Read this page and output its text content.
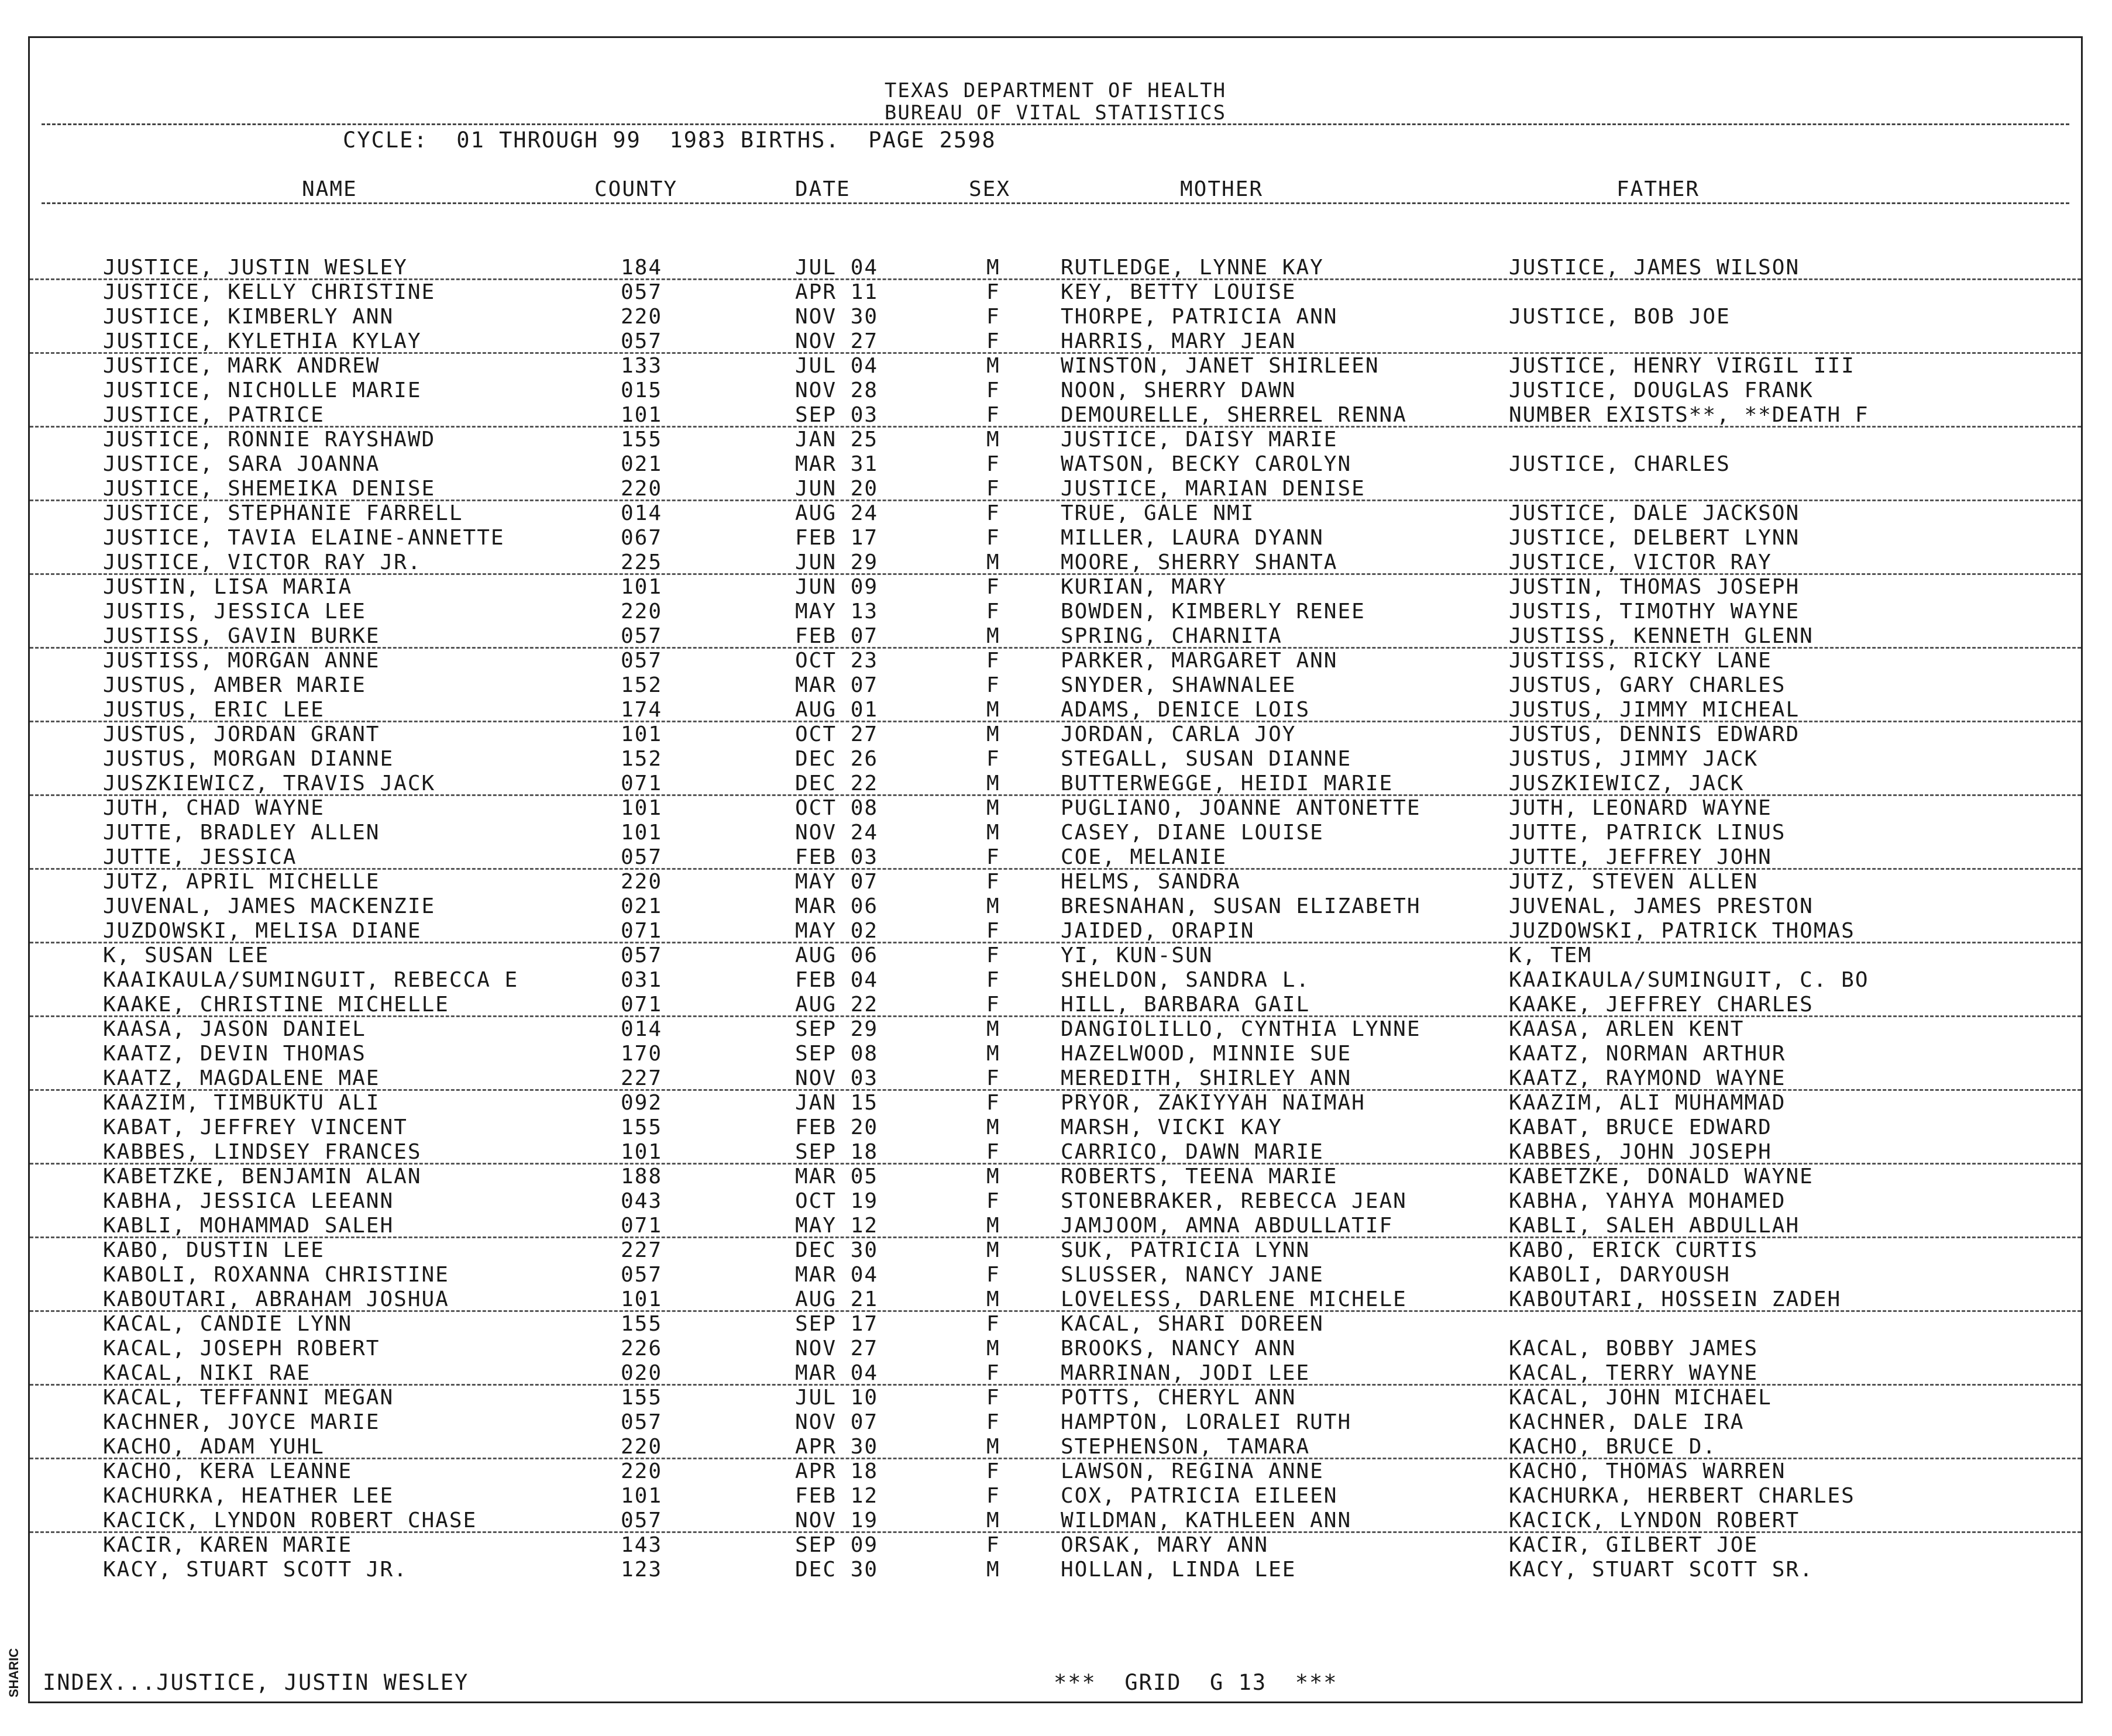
TEXAS DEPARTMENT OF HEALTH
BUREAU OF VITAL STATISTICS
CYCLE:  01 THROUGH 99  1983 BIRTHS.  PAGE 2598
NAME	COUNTY	DATE	SEX	MOTHER	FATHER
JUSTICE, JUSTIN WESLEY	184	JUL 04	M	RUTLEDGE, LYNNE KAY	JUSTICE, JAMES WILSON
JUSTICE, KELLY CHRISTINE	057	APR 11	F	KEY, BETTY LOUISE
JUSTICE, KIMBERLY ANN	220	NOV 30	F	THORPE, PATRICIA ANN	JUSTICE, BOB JOE
JUSTICE, KYLETHIA KYLAY	057	NOV 27	F	HARRIS, MARY JEAN
JUSTICE, MARK ANDREW	133	JUL 04	M	WINSTON, JANET SHIRLEEN	JUSTICE, HENRY VIRGIL III
JUSTICE, NICHOLLE MARIE	015	NOV 28	F	NOON, SHERRY DAWN	JUSTICE, DOUGLAS FRANK
JUSTICE, PATRICE	101	SEP 03	F	DEMOURELLE, SHERREL RENNA	NUMBER EXISTS**, **DEATH F
JUSTICE, RONNIE RAYSHAWD	155	JAN 25	M	JUSTICE, DAISY MARIE
JUSTICE, SARA JOANNA	021	MAR 31	F	WATSON, BECKY CAROLYN	JUSTICE, CHARLES
JUSTICE, SHEMEIKA DENISE	220	JUN 20	F	JUSTICE, MARIAN DENISE
JUSTICE, STEPHANIE FARRELL	014	AUG 24	F	TRUE, GALE NMI	JUSTICE, DALE JACKSON
JUSTICE, TAVIA ELAINE-ANNETTE	067	FEB 17	F	MILLER, LAURA DYANN	JUSTICE, DELBERT LYNN
JUSTICE, VICTOR RAY JR.	225	JUN 29	M	MOORE, SHERRY SHANTA	JUSTICE, VICTOR RAY
JUSTIN, LISA MARIA	101	JUN 09	F	KURIAN, MARY	JUSTIN, THOMAS JOSEPH
JUSTIS, JESSICA LEE	220	MAY 13	F	BOWDEN, KIMBERLY RENEE	JUSTIS, TIMOTHY WAYNE
JUSTISS, GAVIN BURKE	057	FEB 07	M	SPRING, CHARNITA	JUSTISS, KENNETH GLENN
JUSTISS, MORGAN ANNE	057	OCT 23	F	PARKER, MARGARET ANN	JUSTISS, RICKY LANE
JUSTUS, AMBER MARIE	152	MAR 07	F	SNYDER, SHAWNALEE	JUSTUS, GARY CHARLES
JUSTUS, ERIC LEE	174	AUG 01	M	ADAMS, DENICE LOIS	JUSTUS, JIMMY MICHEAL
JUSTUS, JORDAN GRANT	101	OCT 27	M	JORDAN, CARLA JOY	JUSTUS, DENNIS EDWARD
JUSTUS, MORGAN DIANNE	152	DEC 26	F	STEGALL, SUSAN DIANNE	JUSTUS, JIMMY JACK
JUSZKIEWICZ, TRAVIS JACK	071	DEC 22	M	BUTTERWEGGE, HEIDI MARIE	JUSZKIEWICZ, JACK
JUTH, CHAD WAYNE	101	OCT 08	M	PUGLIANO, JOANNE ANTONETTE	JUTH, LEONARD WAYNE
JUTTE, BRADLEY ALLEN	101	NOV 24	M	CASEY, DIANE LOUISE	JUTTE, PATRICK LINUS
JUTTE, JESSICA	057	FEB 03	F	COE, MELANIE	JUTTE, JEFFREY JOHN
JUTZ, APRIL MICHELLE	220	MAY 07	F	HELMS, SANDRA	JUTZ, STEVEN ALLEN
JUVENAL, JAMES MACKENZIE	021	MAR 06	M	BRESNAHAN, SUSAN ELIZABETH	JUVENAL, JAMES PRESTON
JUZDOWSKI, MELISA DIANE	071	MAY 02	F	JAIDED, ORAPIN	JUZDOWSKI, PATRICK THOMAS
K, SUSAN LEE	057	AUG 06	F	YI, KUN-SUN	K, TEM
KAAIKAULA/SUMINGUIT, REBECCA E	031	FEB 04	F	SHELDON, SANDRA L.	KAAIKAULA/SUMINGUIT, C. BO
KAAKE, CHRISTINE MICHELLE	071	AUG 22	F	HILL, BARBARA GAIL	KAAKE, JEFFREY CHARLES
KAASA, JASON DANIEL	014	SEP 29	M	DANGIOLILLO, CYNTHIA LYNNE	KAASA, ARLEN KENT
KAATZ, DEVIN THOMAS	170	SEP 08	M	HAZELWOOD, MINNIE SUE	KAATZ, NORMAN ARTHUR
KAATZ, MAGDALENE MAE	227	NOV 03	F	MEREDITH, SHIRLEY ANN	KAATZ, RAYMOND WAYNE
KAAZIM, TIMBUKTU ALI	092	JAN 15	F	PRYOR, ZAKIYYAH NAIMAH	KAAZIM, ALI MUHAMMAD
KABAT, JEFFREY VINCENT	155	FEB 20	M	MARSH, VICKI KAY	KABAT, BRUCE EDWARD
KABBES, LINDSEY FRANCES	101	SEP 18	F	CARRICO, DAWN MARIE	KABBES, JOHN JOSEPH
KABETZKE, BENJAMIN ALAN	188	MAR 05	M	ROBERTS, TEENA MARIE	KABETZKE, DONALD WAYNE
KABHA, JESSICA LEEANN	043	OCT 19	F	STONEBRAKER, REBECCA JEAN	KABHA, YAHYA MOHAMED
KABLI, MOHAMMAD SALEH	071	MAY 12	M	JAMJOOM, AMNA ABDULLATIF	KABLI, SALEH ABDULLAH
KABO, DUSTIN LEE	227	DEC 30	M	SUK, PATRICIA LYNN	KABO, ERICK CURTIS
KABOLI, ROXANNA CHRISTINE	057	MAR 04	F	SLUSSER, NANCY JANE	KABOLI, DARYOUSH
KABOUTARI, ABRAHAM JOSHUA	101	AUG 21	M	LOVELESS, DARLENE MICHELE	KABOUTARI, HOSSEIN ZADEH
KACAL, CANDIE LYNN	155	SEP 17	F	KACAL, SHARI DOREEN
KACAL, JOSEPH ROBERT	226	NOV 27	M	BROOKS, NANCY ANN	KACAL, BOBBY JAMES
KACAL, NIKI RAE	020	MAR 04	F	MARRINAN, JODI LEE	KACAL, TERRY WAYNE
KACAL, TEFFANNI MEGAN	155	JUL 10	F	POTTS, CHERYL ANN	KACAL, JOHN MICHAEL
KACHNER, JOYCE MARIE	057	NOV 07	F	HAMPTON, LORALEI RUTH	KACHNER, DALE IRA
KACHO, ADAM YUHL	220	APR 30	M	STEPHENSON, TAMARA	KACHO, BRUCE D.
KACHO, KERA LEANNE	220	APR 18	F	LAWSON, REGINA ANNE	KACHO, THOMAS WARREN
KACHURKA, HEATHER LEE	101	FEB 12	F	COX, PATRICIA EILEEN	KACHURKA, HERBERT CHARLES
KACICK, LYNDON ROBERT CHASE	057	NOV 19	M	WILDMAN, KATHLEEN ANN	KACICK, LYNDON ROBERT
KACIR, KAREN MARIE	143	SEP 09	F	ORSAK, MARY ANN	KACIR, GILBERT JOE
KACY, STUART SCOTT JR.	123	DEC 30	M	HOLLAN, LINDA LEE	KACY, STUART SCOTT SR.
INDEX...JUSTICE, JUSTIN WESLEY	***  GRID  G 13  ***
SHARIC
